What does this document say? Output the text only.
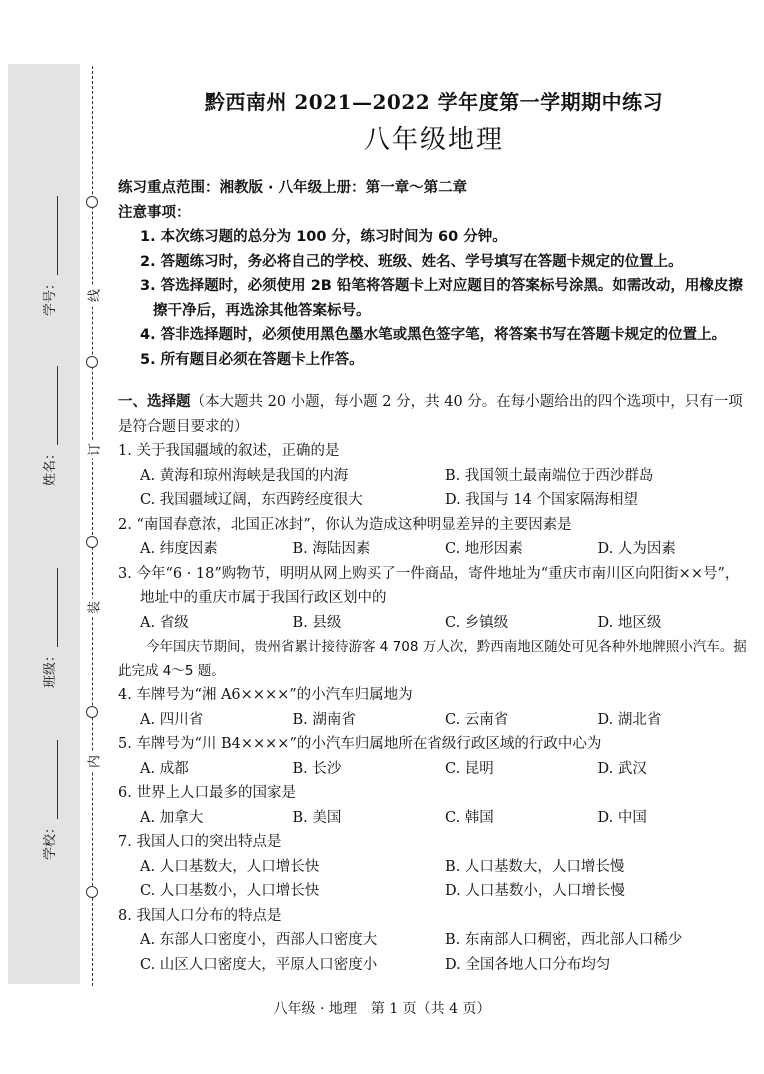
线
订
装
内
学号：
姓名：
班级：
学校：
黔西南州 2021—2022 学年度第一学期期中练习
八年级地理
练习重点范围：湘教版 · 八年级上册：第一章～第二章
注意事项：
1. 本次练习题的总分为 100 分，练习时间为 60 分钟。
2. 答题练习时，务必将自己的学校、班级、姓名、学号填写在答题卡规定的位置上。
3. 答选择题时，必须使用 2B 铅笔将答题卡上对应题目的答案标号涂黑。如需改动，用橡皮擦擦干净后，再选涂其他答案标号。
4. 答非选择题时，必须使用黑色墨水笔或黑色签字笔，将答案书写在答题卡规定的位置上。
5. 所有题目必须在答题卡上作答。
一、选择题（本大题共 20 小题，每小题 2 分，共 40 分。在每小题给出的四个选项中，只有一项是符合题目要求的）
1. 关于我国疆域的叙述，正确的是
A. 黄海和琼州海峡是我国的内海	B. 我国领土最南端位于西沙群岛
C. 我国疆域辽阔，东西跨经度很大	D. 我国与 14 个国家隔海相望
2. “南国春意浓，北国正冰封”，你认为造成这种明显差异的主要因素是
A. 纬度因素	B. 海陆因素	C. 地形因素	D. 人为因素
3. 今年“6 · 18”购物节，明明从网上购买了一件商品，寄件地址为“重庆市南川区向阳街××号”，
地址中的重庆市属于我国行政区划中的
A. 省级	B. 县级	C. 乡镇级	D. 地区级
今年国庆节期间，贵州省累计接待游客 4 708 万人次，黔西南地区随处可见各种外地牌照小汽车。据此完成 4～5 题。
4. 车牌号为“湘 A6××××”的小汽车归属地为
A. 四川省	B. 湖南省	C. 云南省	D. 湖北省
5. 车牌号为“川 B4××××”的小汽车归属地所在省级行政区域的行政中心为
A. 成都	B. 长沙	C. 昆明	D. 武汉
6. 世界上人口最多的国家是
A. 加拿大	B. 美国	C. 韩国	D. 中国
7. 我国人口的突出特点是
A. 人口基数大，人口增长快	B. 人口基数大，人口增长慢
C. 人口基数小，人口增长快	D. 人口基数小，人口增长慢
8. 我国人口分布的特点是
A. 东部人口密度小，西部人口密度大	B. 东南部人口稠密，西北部人口稀少
C. 山区人口密度大，平原人口密度小	D. 全国各地人口分布均匀
八年级 · 地理　第 1 页（共 4 页）
